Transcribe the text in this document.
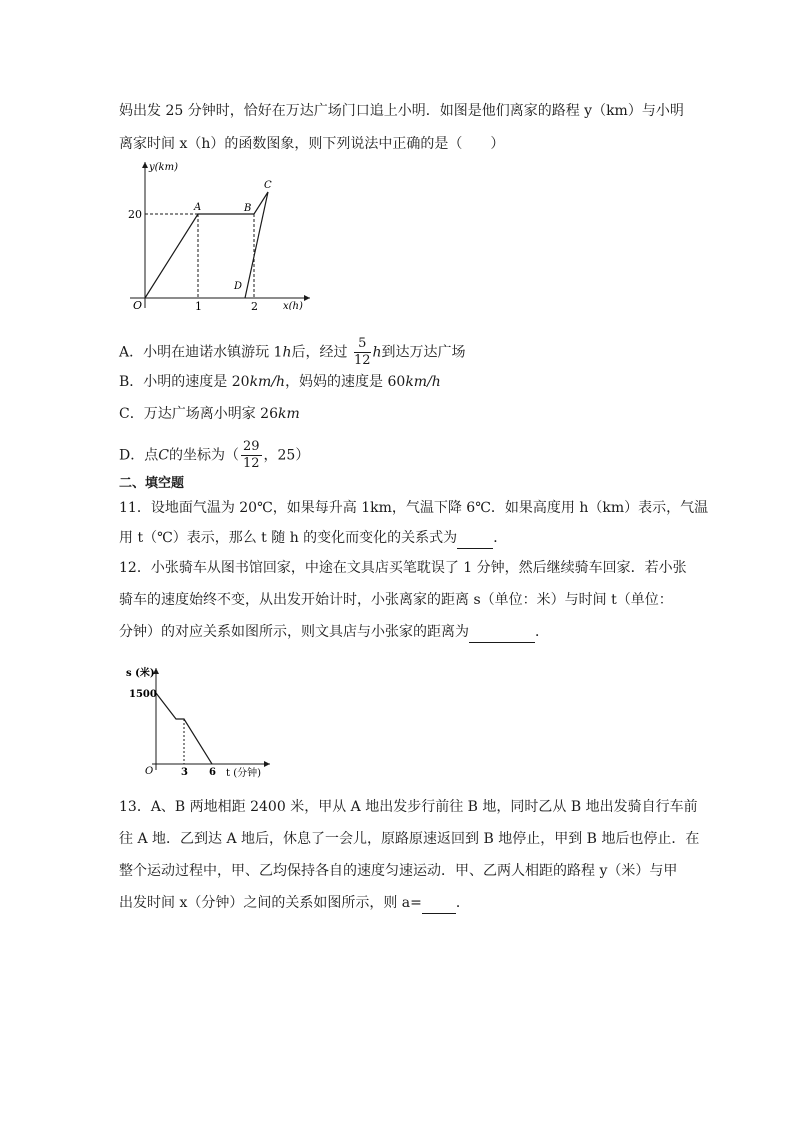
妈出发 25 分钟时，恰好在万达广场门口追上小明．如图是他们离家的路程 y（km）与小明
离家时间 x（h）的函数图象，则下列说法中正确的是（　　）
y(km)
x(h)
O
20
1	2
A	B
C
D
A．小明在迪诺水镇游玩 1h后，经过 $\frac{5}{12}$ h到达万达广场
B．小明的速度是 20km/h，妈妈的速度是 60km/h
C．万达广场离小明家 26km
D．点C的坐标为（ $\frac{29}{12}$ ，25）
二、填空题
11．设地面气温为 20℃，如果每升高 1km，气温下降 6℃．如果高度用 h（km）表示，气温
用 t（℃）表示，那么 t 随 h 的变化而变化的关系式为	．
12．小张骑车从图书馆回家，中途在文具店买笔耽误了 1 分钟，然后继续骑车回家．若小张
骑车的速度始终不变，从出发开始计时，小张离家的距离 s（单位：米）与时间 t（单位：
分钟）的对应关系如图所示，则文具店与小张家的距离为	．
s (米)
t (分钟)
O
1500
3 6
13．A、B 两地相距 2400 米，甲从 A 地出发步行前往 B 地，同时乙从 B 地出发骑自行车前
往 A 地．乙到达 A 地后，休息了一会儿，原路原速返回到 B 地停止，甲到 B 地后也停止．在
整个运动过程中，甲、乙均保持各自的速度匀速运动．甲、乙两人相距的路程 y（米）与甲
出发时间 x（分钟）之间的关系如图所示，则 a= ．
